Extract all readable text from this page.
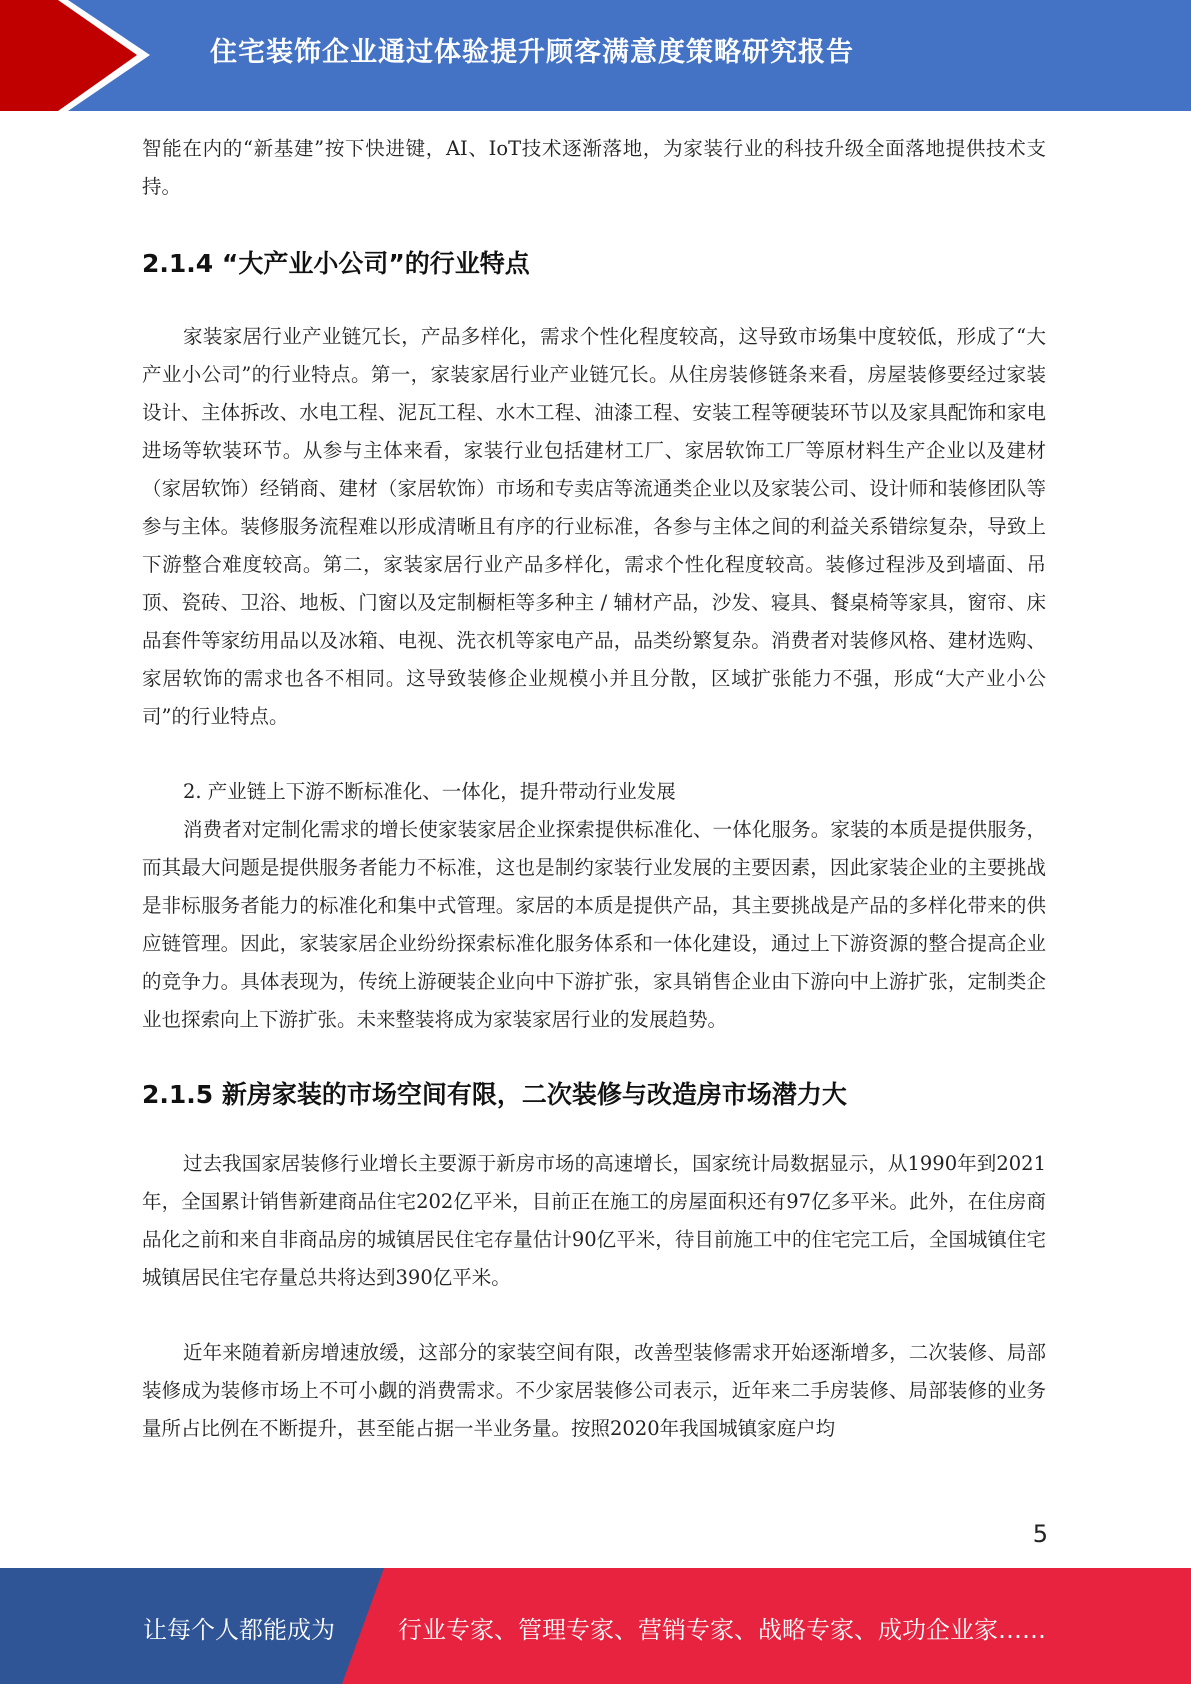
住宅装饰企业通过体验提升顾客满意度策略研究报告

智能在内的“新基建”按下快进键，AI、IoT技术逐渐落地，为家装行业的科技升级全面落地提供技术支持。

2.1.4 “大产业小公司”的行业特点

家装家居行业产业链冗长，产品多样化，需求个性化程度较高，这导致市场集中度较低，形成了“大产业小公司”的行业特点。第一，家装家居行业产业链冗长。从住房装修链条来看，房屋装修要经过家装设计、主体拆改、水电工程、泥瓦工程、水木工程、油漆工程、安装工程等硬装环节以及家具配饰和家电进场等软装环节。从参与主体来看，家装行业包括建材工厂、家居软饰工厂等原材料生产企业以及建材（家居软饰）经销商、建材（家居软饰）市场和专卖店等流通类企业以及家装公司、设计师和装修团队等参与主体。装修服务流程难以形成清晰且有序的行业标准，各参与主体之间的利益关系错综复杂，导致上下游整合难度较高。第二，家装家居行业产品多样化，需求个性化程度较高。装修过程涉及到墙面、吊顶、瓷砖、卫浴、地板、门窗以及定制橱柜等多种主 / 辅材产品，沙发、寝具、餐桌椅等家具，窗帘、床品套件等家纺用品以及冰箱、电视、洗衣机等家电产品，品类纷繁复杂。消费者对装修风格、建材选购、家居软饰的需求也各不相同。这导致装修企业规模小并且分散，区域扩张能力不强，形成“大产业小公司”的行业特点。

2. 产业链上下游不断标准化、一体化，提升带动行业发展

消费者对定制化需求的增长使家装家居企业探索提供标准化、一体化服务。家装的本质是提供服务，而其最大问题是提供服务者能力不标准，这也是制约家装行业发展的主要因素，因此家装企业的主要挑战是非标服务者能力的标准化和集中式管理。家居的本质是提供产品，其主要挑战是产品的多样化带来的供应链管理。因此，家装家居企业纷纷探索标准化服务体系和一体化建设，通过上下游资源的整合提高企业的竞争力。具体表现为，传统上游硬装企业向中下游扩张，家具销售企业由下游向中上游扩张，定制类企业也探索向上下游扩张。未来整装将成为家装家居行业的发展趋势。

2.1.5 新房家装的市场空间有限，二次装修与改造房市场潜力大

过去我国家居装修行业增长主要源于新房市场的高速增长，国家统计局数据显示，从1990年到2021年，全国累计销售新建商品住宅202亿平米，目前正在施工的房屋面积还有97亿多平米。此外，在住房商品化之前和来自非商品房的城镇居民住宅存量估计90亿平米，待目前施工中的住宅完工后，全国城镇住宅城镇居民住宅存量总共将达到390亿平米。

近年来随着新房增速放缓，这部分的家装空间有限，改善型装修需求开始逐渐增多，二次装修、局部装修成为装修市场上不可小觑的消费需求。不少家居装修公司表示，近年来二手房装修、局部装修的业务量所占比例在不断提升，甚至能占据一半业务量。按照2020年我国城镇家庭户均

5
让每个人都能成为	行业专家、管理专家、营销专家、战略专家、成功企业家……
